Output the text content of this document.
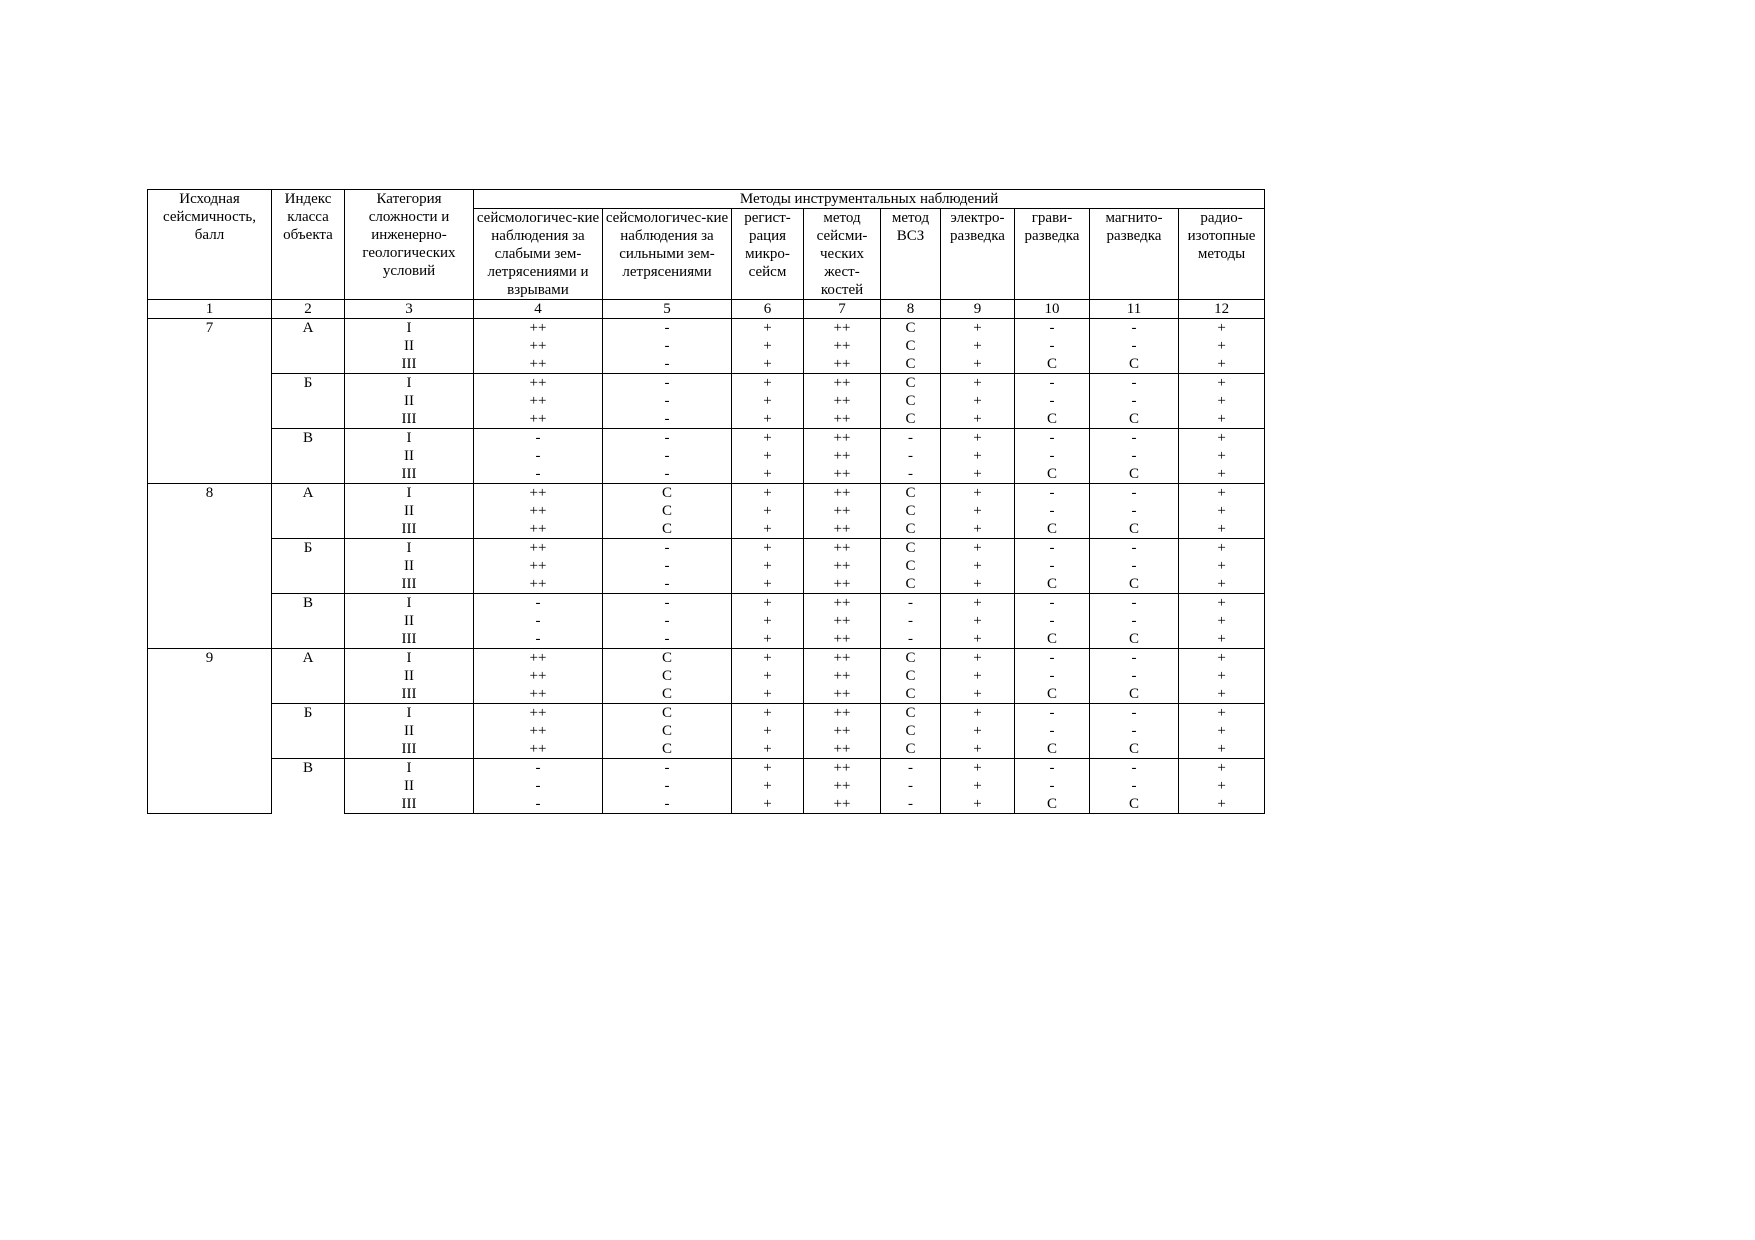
Исходная сейсмичность, балл	Индекс класса объекта	Категория сложности и инженерно-геологических условий	Методы инструментальных наблюдений								
			сейсмологичес-кие наблюдения за слабыми зем-летрясениями и взрывами	сейсмологичес-кие наблюдения за сильными зем-летрясениями	регист-рация микро-сейсм	метод сейсми-ческих жест-костей	метод ВСЗ	электро-разведка	грави-разведка	магнито-разведка	радио-изотопные методы
1	2	3	4	5	6	7	8	9	10	11	12
7	А	I	++	-	+	++	С	+	-	-	+
		II	++	-	+	++	С	+	-	-	+
		III	++	-	+	++	С	+	С	С	+
	Б	I	++	-	+	++	С	+	-	-	+
		II	++	-	+	++	С	+	-	-	+
		III	++	-	+	++	С	+	С	С	+
	В	I	-	-	+	++	-	+	-	-	+
		II	-	-	+	++	-	+	-	-	+
		III	-	-	+	++	-	+	С	С	+
8	А	I	++	С	+	++	С	+	-	-	+
		II	++	С	+	++	С	+	-	-	+
		III	++	С	+	++	С	+	С	С	+
	Б	I	++	-	+	++	С	+	-	-	+
		II	++	-	+	++	С	+	-	-	+
		III	++	-	+	++	С	+	С	С	+
	В	I	-	-	+	++	-	+	-	-	+
		II	-	-	+	++	-	+	-	-	+
		III	-	-	+	++	-	+	С	С	+
9	А	I	++	С	+	++	С	+	-	-	+
		II	++	С	+	++	С	+	-	-	+
		III	++	С	+	++	С	+	С	С	+
	Б	I	++	С	+	++	С	+	-	-	+
		II	++	С	+	++	С	+	-	-	+
		III	++	С	+	++	С	+	С	С	+
	В	I	-	-	+	++	-	+	-	-	+
		II	-	-	+	++	-	+	-	-	+
		III	-	-	+	++	-	+	С	С	+
